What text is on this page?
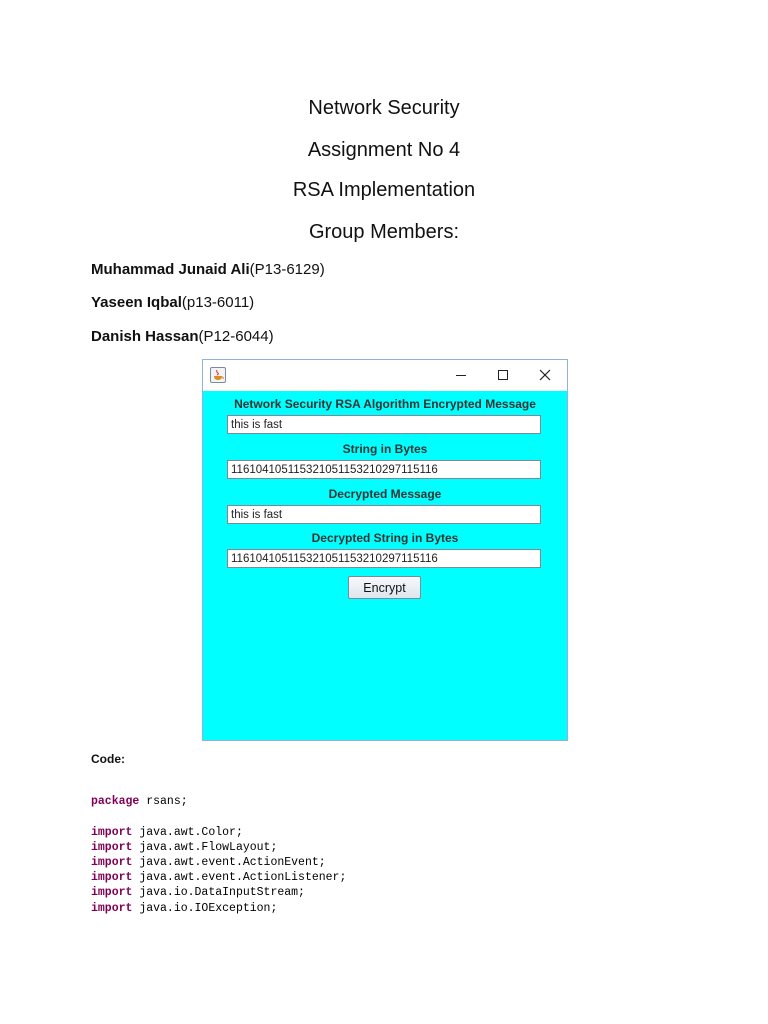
Network Security
Assignment No 4
RSA Implementation
Group Members:
Muhammad Junaid Ali(P13-6129)
Yaseen Iqbal(p13-6011)
Danish Hassan(P12-6044)
Network Security RSA Algorithm Encrypted Message
this is fast
String in Bytes
116104105115321051153210297115116
Decrypted Message
this is fast
Decrypted String in Bytes
116104105115321051153210297115116
Encrypt
Code:
package rsans;
import java.awt.Color;
import java.awt.FlowLayout;
import java.awt.event.ActionEvent;
import java.awt.event.ActionListener;
import java.io.DataInputStream;
import java.io.IOException;
